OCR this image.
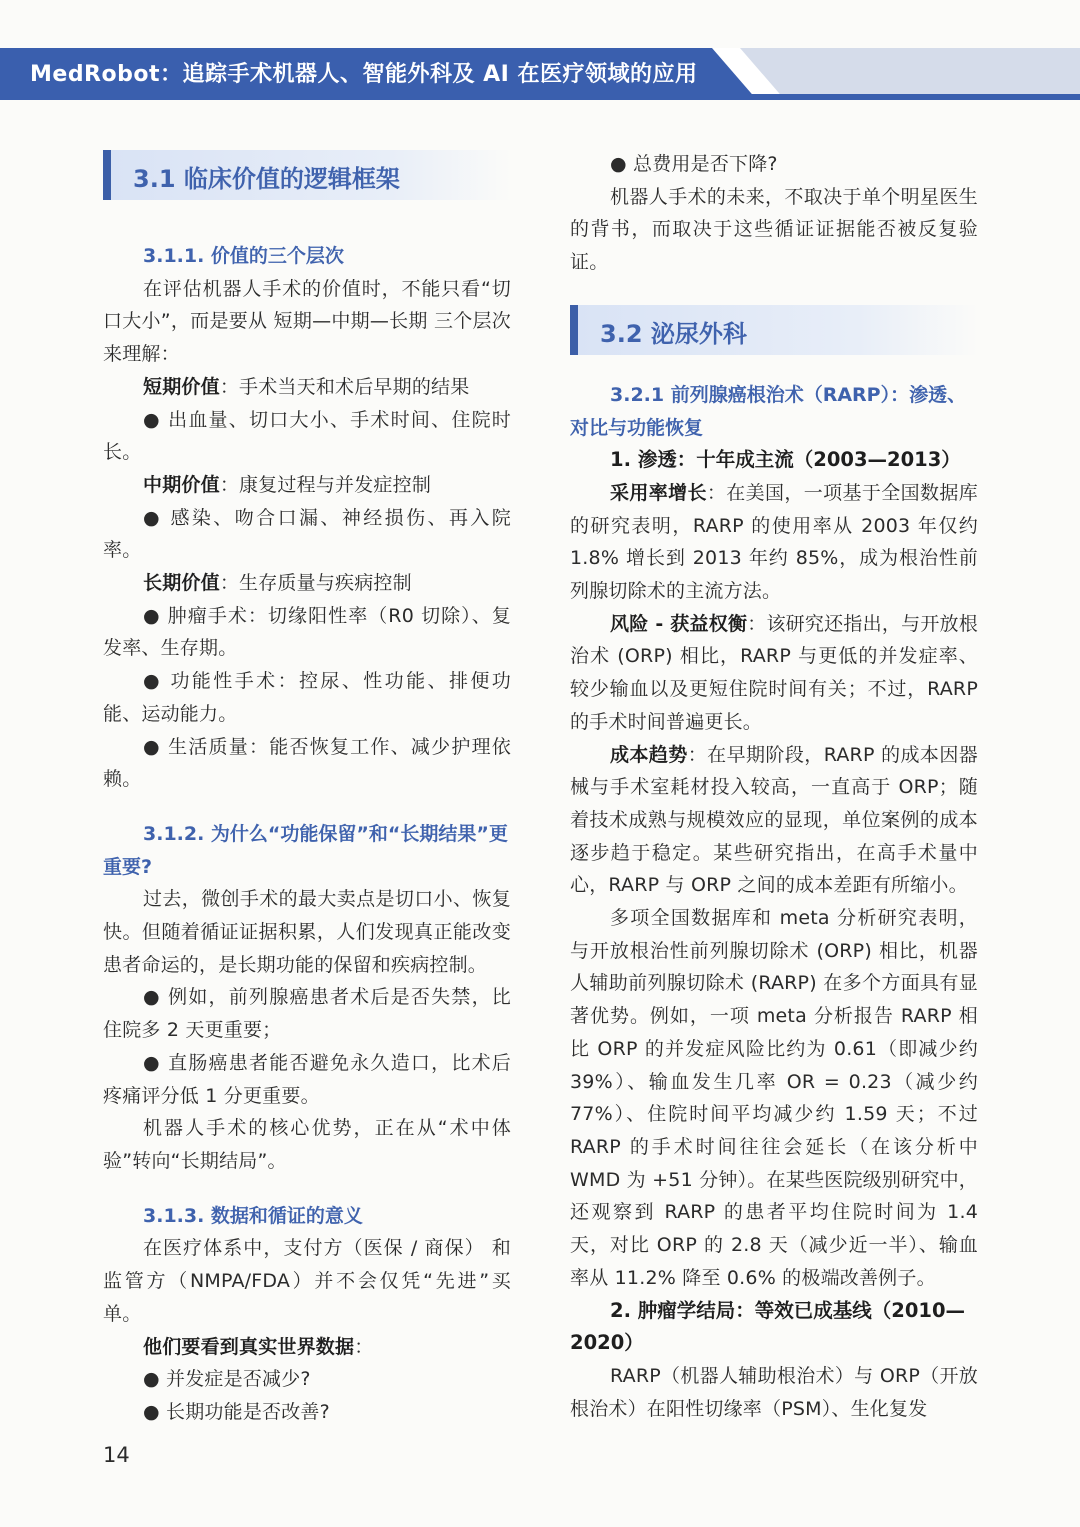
MedRobot：追踪手术机器人、智能外科及 AI 在医疗领域的应用
3.1 临床价值的逻辑框架

3.1.1. 价值的三个层次

在评估机器人手术的价值时，不能只看“切口大小”，而是要从 短期—中期—长期 三个层次来理解：

短期价值：手术当天和术后早期的结果

● 出血量、切口大小、手术时间、住院时长。

中期价值：康复过程与并发症控制

● 感染、吻合口漏、神经损伤、再入院率。

长期价值：生存质量与疾病控制

● 肿瘤手术：切缘阳性率（R0 切除）、复发率、生存期。

● 功能性手术：控尿、性功能、排便功能、运动能力。

● 生活质量：能否恢复工作、减少护理依赖。

3.1.2. 为什么“功能保留”和“长期结果”更重要?

过去，微创手术的最大卖点是切口小、恢复快。但随着循证证据积累，人们发现真正能改变患者命运的，是长期功能的保留和疾病控制。

● 例如，前列腺癌患者术后是否失禁，比住院多 2 天更重要；

● 直肠癌患者能否避免永久造口，比术后疼痛评分低 1 分更重要。

机器人手术的核心优势，正在从“术中体验”转向“长期结局”。

3.1.3. 数据和循证的意义

在医疗体系中，支付方（医保 / 商保） 和监管方（NMPA/FDA）并不会仅凭“先进”买单。

他们要看到真实世界数据：

● 并发症是否减少?

● 长期功能是否改善?

● 总费用是否下降?

机器人手术的未来，不取决于单个明星医生的背书，而取决于这些循证证据能否被反复验证。

3.2 泌尿外科

3.2.1 前列腺癌根治术（RARP）：渗透、对比与功能恢复

1. 渗透：十年成主流（2003—2013）

采用率增长：在美国，一项基于全国数据库的研究表明，RARP 的使用率从 2003 年仅约 1.8% 增长到 2013 年约 85%，成为根治性前列腺切除术的主流方法。

风险 - 获益权衡：该研究还指出，与开放根治术 (ORP) 相比，RARP 与更低的并发症率、较少输血以及更短住院时间有关；不过，RARP 的手术时间普遍更长。

成本趋势：在早期阶段，RARP 的成本因器械与手术室耗材投入较高，一直高于 ORP；随着技术成熟与规模效应的显现，单位案例的成本逐步趋于稳定。某些研究指出，在高手术量中心，RARP 与 ORP 之间的成本差距有所缩小。

多项全国数据库和 meta 分析研究表明，与开放根治性前列腺切除术 (ORP) 相比，机器人辅助前列腺切除术 (RARP) 在多个方面具有显著优势。例如，一项 meta 分析报告 RARP 相比 ORP 的并发症风险比约为 0.61（即减少约 39%）、输血发生几率 OR = 0.23（减少约 77%）、住院时间平均减少约 1.59 天；不过 RARP 的手术时间往往会延长（在该分析中 WMD 为 +51 分钟）。在某些医院级别研究中，还观察到 RARP 的患者平均住院时间为 1.4 天，对比 ORP 的 2.8 天（减少近一半）、输血率从 11.2% 降至 0.6% 的极端改善例子。

2. 肿瘤学结局：等效已成基线（2010—2020）

RARP（机器人辅助根治术）与 ORP（开放根治术）在阳性切缘率（PSM）、生化复发

14
